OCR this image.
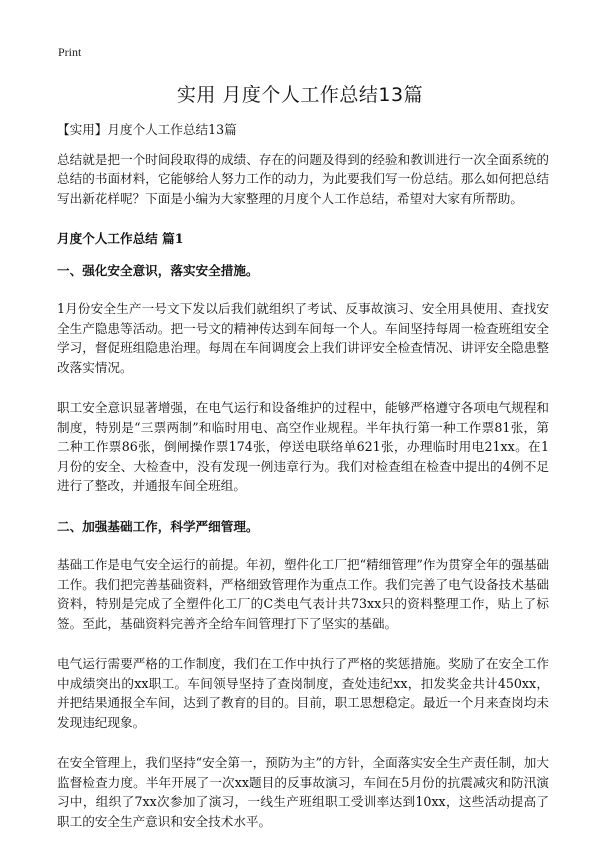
Print
实用 月度个人工作总结13篇

【实用】月度个人工作总结13篇

总结就是把一个时间段取得的成绩、存在的问题及得到的经验和教训进行一次全面系统的总结的书面材料，它能够给人努力工作的动力，为此要我们写一份总结。那么如何把总结写出新花样呢？下面是小编为大家整理的月度个人工作总结，希望对大家有所帮助。

月度个人工作总结 篇1

一、强化安全意识，落实安全措施。

1月份安全生产一号文下发以后我们就组织了考试、反事故演习、安全用具使用、查找安全生产隐患等活动。把一号文的精神传达到车间每一个人。车间坚持每周一检查班组安全学习，督促班组隐患治理。每周在车间调度会上我们讲评安全检查情况、讲评安全隐患整改落实情况。

职工安全意识显著增强，在电气运行和设备维护的过程中，能够严格遵守各项电气规程和制度，特别是“三票两制”和临时用电、高空作业规程。半年执行第一种工作票81张，第二种工作票86张，倒闸操作票174张，停送电联络单621张，办理临时用电21xx。在1月份的安全、大检查中，没有发现一例违章行为。我们对检查组在检查中提出的4例不足进行了整改，并通报车间全班组。

二、加强基础工作，科学严细管理。

基础工作是电气安全运行的前提。年初，塑件化工厂把“精细管理”作为贯穿全年的强基础工作。我们把完善基础资料，严格细致管理作为重点工作。我们完善了电气设备技术基础资料，特别是完成了全塑件化工厂的C类电气表计共73xx只的资料整理工作，贴上了标签。至此，基础资料完善齐全给车间管理打下了坚实的基础。

电气运行需要严格的工作制度，我们在工作中执行了严格的奖惩措施。奖励了在安全工作中成绩突出的xx职工。车间领导坚持了查岗制度，查处违纪xx，扣发奖金共计450xx，并把结果通报全车间，达到了教育的目的。目前，职工思想稳定。最近一个月来查岗均未发现违纪现象。

在安全管理上，我们坚持“安全第一，预防为主”的方针，全面落实安全生产责任制，加大监督检查力度。半年开展了一次xx题目的反事故演习，车间在5月份的抗震减灾和防汛演习中，组织了7xx次参加了演习，一线生产班组职工受训率达到10xx，这些活动提高了职工的安全生产意识和安全技术水平。
